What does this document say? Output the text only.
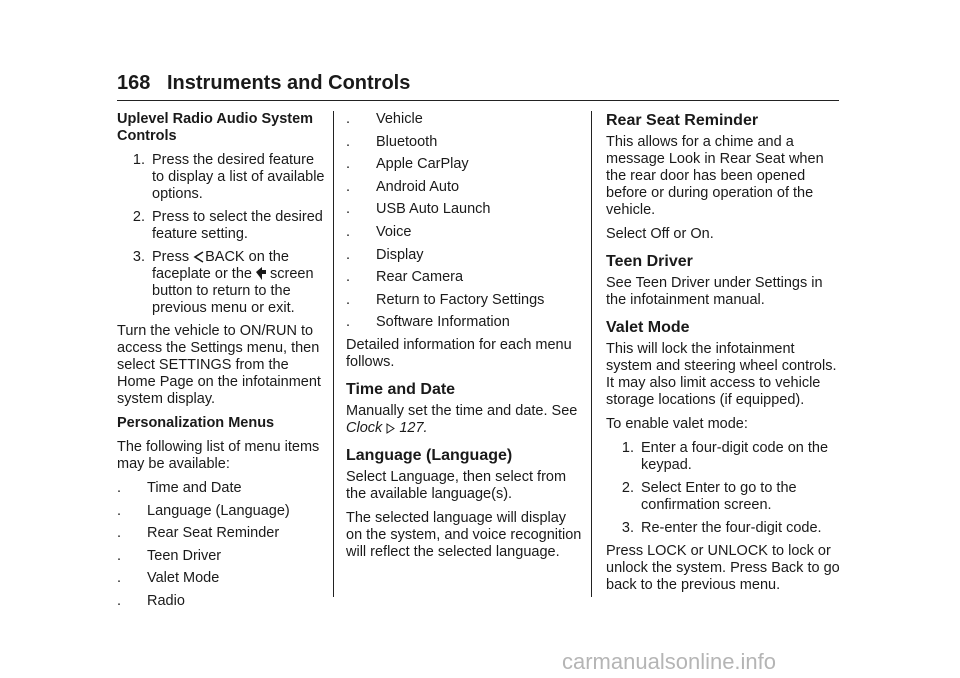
168 Instruments and Controls

Uplevel Radio Audio System Controls

1. Press the desired feature to display a list of available options.
2. Press to select the desired feature setting.
3. Press BACK on the
faceplate or the screen button to return to the previous menu or exit.

Turn the vehicle to ON/RUN to access the Settings menu, then select SETTINGS from the Home Page on the infotainment system display.

Personalization Menus

The following list of menu items may be available:

.	Time and Date
.	Language (Language)
.	Rear Seat Reminder
.	Teen Driver
.	Valet Mode
.	Radio
.	Vehicle
.	Bluetooth
.	Apple CarPlay
.	Android Auto
.	USB Auto Launch
.	Voice
.	Display
.	Rear Camera
.	Return to Factory Settings
.	Software Information

Detailed information for each menu follows.

Time and Date

Manually set the time and date. See Clock 127.

Language (Language)

Select Language, then select from the available language(s).

The selected language will display on the system, and voice recognition will reflect the selected language.

Rear Seat Reminder

This allows for a chime and a message Look in Rear Seat when the rear door has been opened before or during operation of the vehicle.

Select Off or On.

Teen Driver

See Teen Driver under Settings in the infotainment manual.

Valet Mode

This will lock the infotainment system and steering wheel controls. It may also limit access to vehicle storage locations (if equipped).

To enable valet mode:

1. Enter a four-digit code on the keypad.
2. Select Enter to go to the confirmation screen.
3. Re-enter the four-digit code.

Press LOCK or UNLOCK to lock or unlock the system. Press Back to go back to the previous menu.

carmanualsonline.info
